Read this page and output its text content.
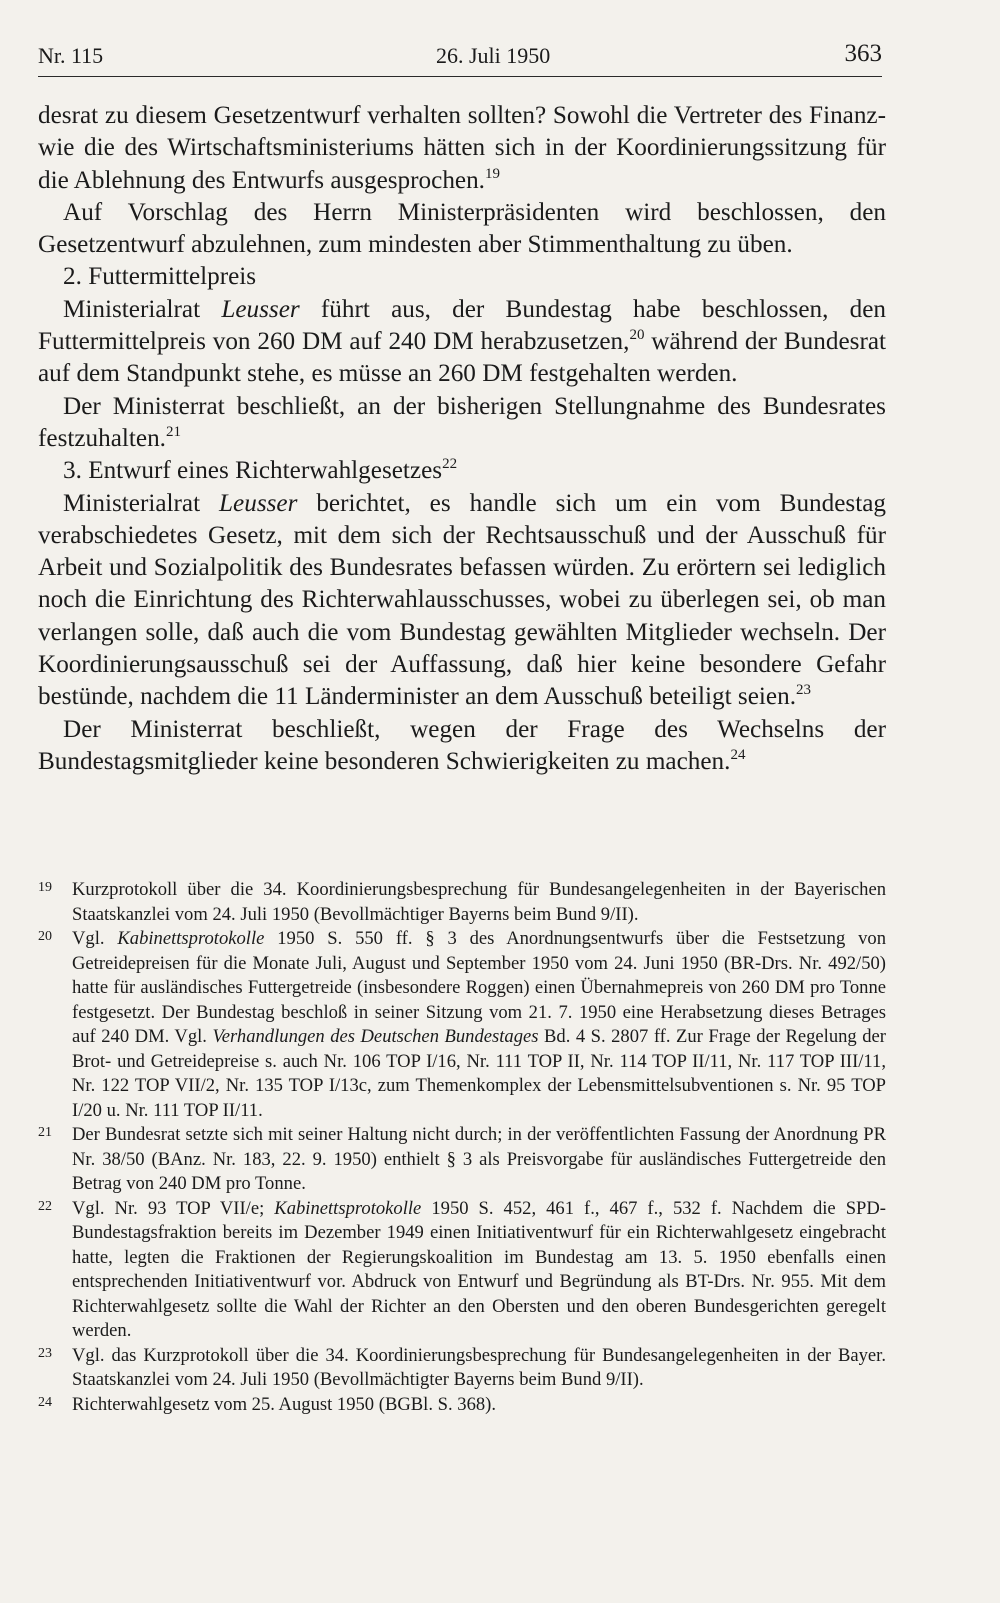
Nr. 115	26. Juli 1950	363

desrat zu diesem Gesetzentwurf verhalten sollten? Sowohl die Vertreter des Finanz- wie die des Wirtschaftsministeriums hätten sich in der Koordinierungssitzung für die Ablehnung des Entwurfs ausgesprochen.$^{19}$

Auf Vorschlag des Herrn Ministerpräsidenten wird beschlossen, den Gesetzentwurf abzulehnen, zum mindesten aber Stimmenthaltung zu üben.

2. Futtermittelpreis

Ministerialrat Leusser führt aus, der Bundestag habe beschlossen, den Futtermittelpreis von 260 DM auf 240 DM herabzusetzen,$^{20}$ während der Bundesrat auf dem Standpunkt stehe, es müsse an 260 DM festgehalten werden.

Der Ministerrat beschließt, an der bisherigen Stellungnahme des Bundesrates festzuhalten.$^{21}$

3. Entwurf eines Richterwahlgesetzes$^{22}$

Ministerialrat Leusser berichtet, es handle sich um ein vom Bundestag verabschiedetes Gesetz, mit dem sich der Rechtsausschuß und der Ausschuß für Arbeit und Sozialpolitik des Bundesrates befassen würden. Zu erörtern sei lediglich noch die Einrichtung des Richterwahlausschusses, wobei zu überlegen sei, ob man verlangen solle, daß auch die vom Bundestag gewählten Mitglieder wechseln. Der Koordinierungsausschuß sei der Auffassung, daß hier keine besondere Gefahr bestünde, nachdem die 11 Länderminister an dem Ausschuß beteiligt seien.$^{23}$

Der Ministerrat beschließt, wegen der Frage des Wechselns der Bundestagsmitglieder keine besonderen Schwierigkeiten zu machen.$^{24}$

19 Kurzprotokoll über die 34. Koordinierungsbesprechung für Bundesangelegenheiten in der Bayerischen Staatskanzlei vom 24. Juli 1950 (Bevollmächtiger Bayerns beim Bund 9/II).
20 Vgl. Kabinettsprotokolle 1950 S. 550 ff. § 3 des Anordnungsentwurfs über die Festsetzung von Getreidepreisen für die Monate Juli, August und September 1950 vom 24. Juni 1950 (BR-Drs. Nr. 492/50) hatte für ausländisches Futtergetreide (insbesondere Roggen) einen Übernahmepreis von 260 DM pro Tonne festgesetzt. Der Bundestag beschloß in seiner Sitzung vom 21. 7. 1950 eine Herabsetzung dieses Betrages auf 240 DM. Vgl. Verhandlungen des Deutschen Bundestages Bd. 4 S. 2807 ff. Zur Frage der Regelung der Brot- und Getreidepreise s. auch Nr. 106 TOP I/16, Nr. 111 TOP II, Nr. 114 TOP II/11, Nr. 117 TOP III/11, Nr. 122 TOP VII/2, Nr. 135 TOP I/13c, zum Themenkomplex der Lebensmittelsubventionen s. Nr. 95 TOP I/20 u. Nr. 111 TOP II/11.
21 Der Bundesrat setzte sich mit seiner Haltung nicht durch; in der veröffentlichten Fassung der Anordnung PR Nr. 38/50 (BAnz. Nr. 183, 22. 9. 1950) enthielt § 3 als Preisvorgabe für ausländisches Futtergetreide den Betrag von 240 DM pro Tonne.
22 Vgl. Nr. 93 TOP VII/e; Kabinettsprotokolle 1950 S. 452, 461 f., 467 f., 532 f. Nachdem die SPD-Bundestagsfraktion bereits im Dezember 1949 einen Initiativentwurf für ein Richterwahlgesetz eingebracht hatte, legten die Fraktionen der Regierungskoalition im Bundestag am 13. 5. 1950 ebenfalls einen entsprechenden Initiativentwurf vor. Abdruck von Entwurf und Begründung als BT-Drs. Nr. 955. Mit dem Richterwahlgesetz sollte die Wahl der Richter an den Obersten und den oberen Bundesgerichten geregelt werden.
23 Vgl. das Kurzprotokoll über die 34. Koordinierungsbesprechung für Bundesangelegenheiten in der Bayer. Staatskanzlei vom 24. Juli 1950 (Bevollmächtigter Bayerns beim Bund 9/II).
24 Richterwahlgesetz vom 25. August 1950 (BGBl. S. 368).
